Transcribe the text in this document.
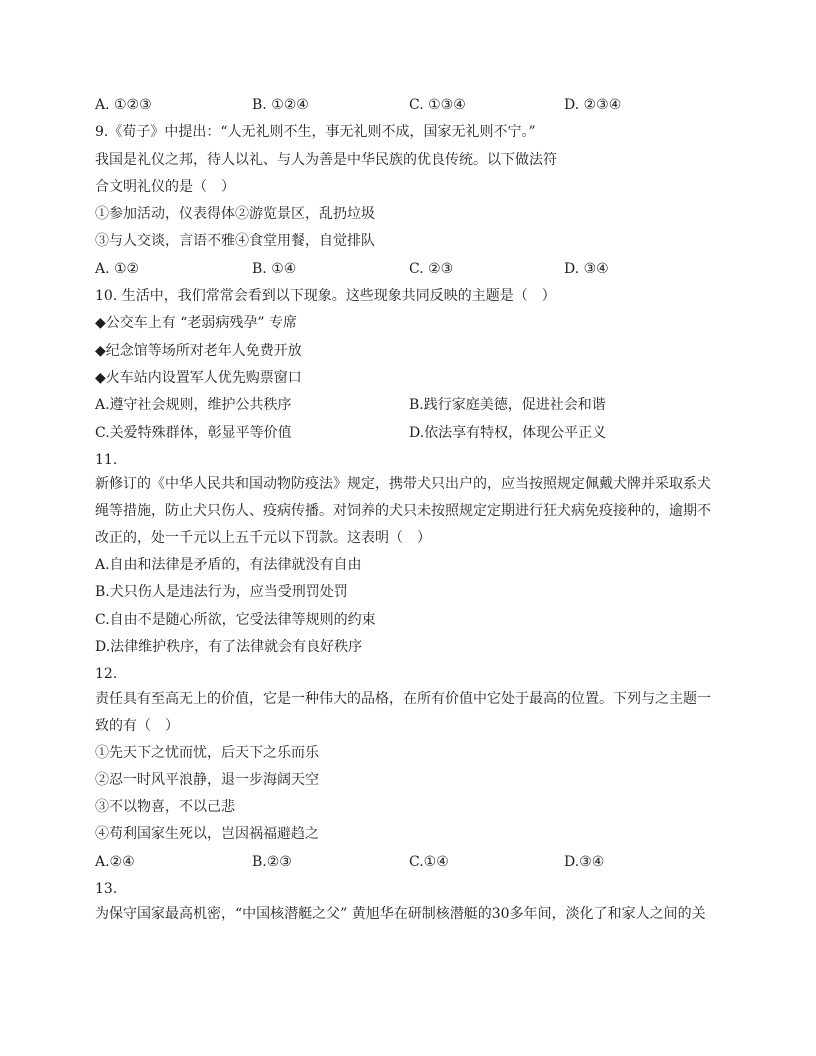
A. ①②③	B. ①②④	C. ①③④	D. ②③④

9.《荀子》中提出：“人无礼则不生，事无礼则不成，国家无礼则不宁。”

我国是礼仪之邦，待人以礼、与人为善是中华民族的优良传统。以下做法符

合文明礼仪的是（　）

①参加活动，仪表得体②游览景区，乱扔垃圾

③与人交谈，言语不雅④食堂用餐，自觉排队

A. ①②	B. ①④	C. ②③	D. ③④

10. 生活中，我们常常会看到以下现象。这些现象共同反映的主题是（　）

◆公交车上有 “老弱病残孕” 专席

◆纪念馆等场所对老年人免费开放

◆火车站内设置军人优先购票窗口

A.遵守社会规则，维护公共秩序	B.践行家庭美德，促进社会和谐
C.关爱特殊群体，彰显平等价值	D.依法享有特权，体现公平正义

11.

新修订的《中华人民共和国动物防疫法》规定，携带犬只出户的，应当按照规定佩戴犬牌并采取系犬

绳等措施，防止犬只伤人、疫病传播。对饲养的犬只未按照规定定期进行狂犬病免疫接种的，逾期不

改正的，处一千元以上五千元以下罚款。这表明（　）

A.自由和法律是矛盾的，有法律就没有自由

B.犬只伤人是违法行为，应当受刑罚处罚

C.自由不是随心所欲，它受法律等规则的约束

D.法律维护秩序，有了法律就会有良好秩序

12.

责任具有至高无上的价值，它是一种伟大的品格，在所有价值中它处于最高的位置。下列与之主题一

致的有（　）

①先天下之忧而忧，后天下之乐而乐

②忍一时风平浪静，退一步海阔天空

③不以物喜，不以己悲

④苟利国家生死以，岂因祸福避趋之

A.②④	B.②③	C.①④	D.③④

13.

为保守国家最高机密，“中国核潜艇之父” 黄旭华在研制核潜艇的30多年间，淡化了和家人之间的关
